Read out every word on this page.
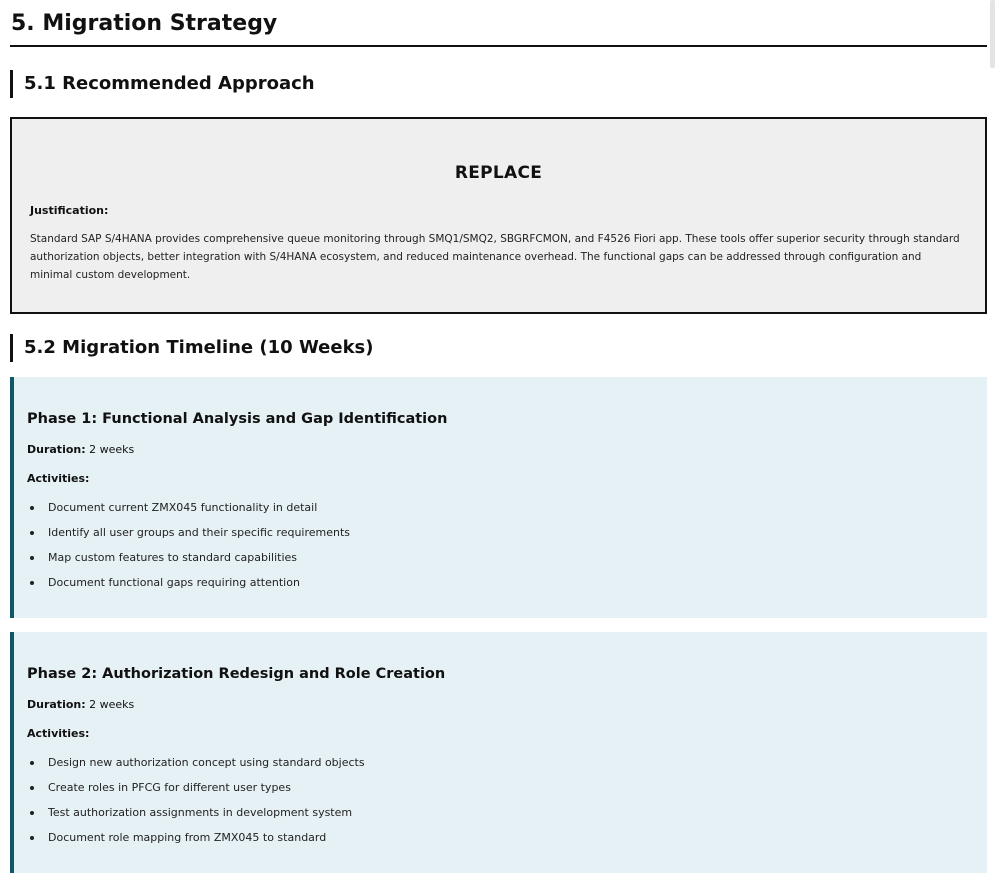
5. Migration Strategy
5.1 Recommended Approach
REPLACE
Justification:

Standard SAP S/4HANA provides comprehensive queue monitoring through SMQ1/SMQ2, SBGRFCMON, and F4526 Fiori app. These tools offer superior security through standard authorization objects, better integration with S/4HANA ecosystem, and reduced maintenance overhead. The functional gaps can be addressed through configuration and minimal custom development.

5.2 Migration Timeline (10 Weeks)
Phase 1: Functional Analysis and Gap Identification

Duration: 2 weeks

Activities:

Document current ZMX045 functionality in detail
Identify all user groups and their specific requirements
Map custom features to standard capabilities
Document functional gaps requiring attention
Phase 2: Authorization Redesign and Role Creation

Duration: 2 weeks

Activities:

Design new authorization concept using standard objects
Create roles in PFCG for different user types
Test authorization assignments in development system
Document role mapping from ZMX045 to standard
